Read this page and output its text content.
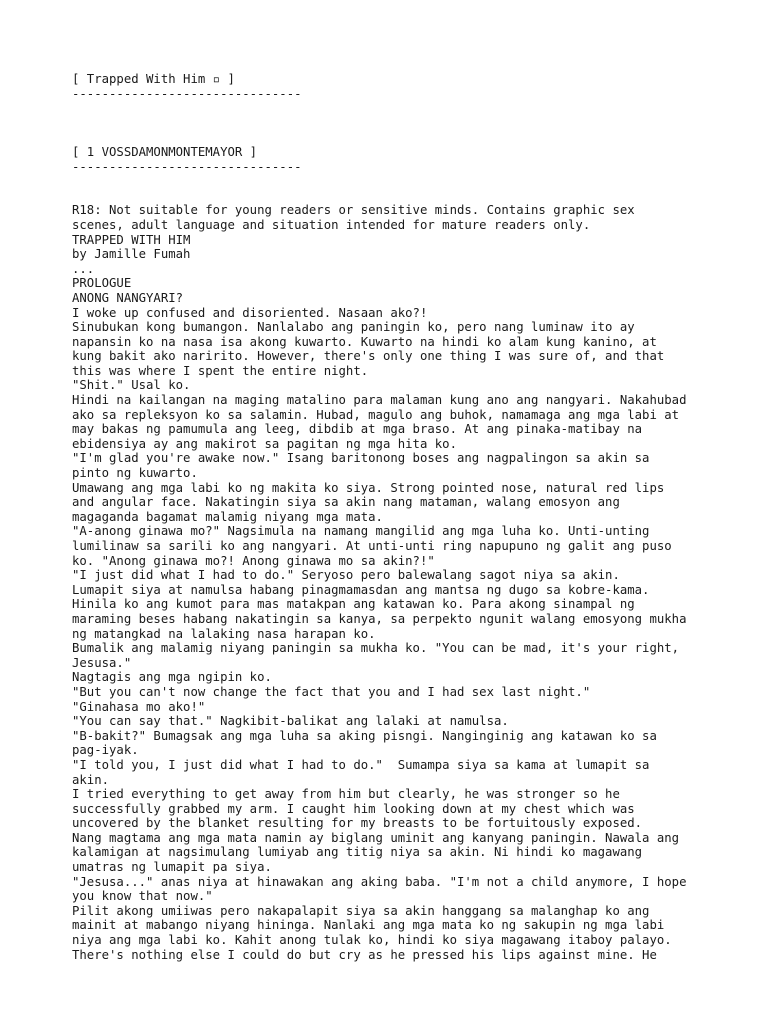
[ Trapped With Him ▫ ]
-------------------------------
[ 1 VOSSDAMONMONTEMAYOR ]
-------------------------------
R18: Not suitable for young readers or sensitive minds. Contains graphic sex
scenes, adult language and situation intended for mature readers only.
TRAPPED WITH HIM
by Jamille Fumah
...
PROLOGUE
ANONG NANGYARI?
I woke up confused and disoriented. Nasaan ako?!
Sinubukan kong bumangon. Nanlalabo ang paningin ko, pero nang luminaw ito ay
napansin ko na nasa isa akong kuwarto. Kuwarto na hindi ko alam kung kanino, at
kung bakit ako naririto. However, there's only one thing I was sure of, and that
this was where I spent the entire night.
"Shit." Usal ko.
Hindi na kailangan na maging matalino para malaman kung ano ang nangyari. Nakahubad
ako sa repleksyon ko sa salamin. Hubad, magulo ang buhok, namamaga ang mga labi at
may bakas ng pamumula ang leeg, dibdib at mga braso. At ang pinaka-matibay na
ebidensiya ay ang makirot sa pagitan ng mga hita ko.
"I'm glad you're awake now." Isang baritonong boses ang nagpalingon sa akin sa
pinto ng kuwarto.
Umawang ang mga labi ko ng makita ko siya. Strong pointed nose, natural red lips
and angular face. Nakatingin siya sa akin nang mataman, walang emosyon ang
magaganda bagamat malamig niyang mga mata.
"A-anong ginawa mo?" Nagsimula na namang mangilid ang mga luha ko. Unti-unting
lumilinaw sa sarili ko ang nangyari. At unti-unti ring napupuno ng galit ang puso
ko. "Anong ginawa mo?! Anong ginawa mo sa akin?!"
"I just did what I had to do." Seryoso pero balewalang sagot niya sa akin.
Lumapit siya at namulsa habang pinagmamasdan ang mantsa ng dugo sa kobre-kama.
Hinila ko ang kumot para mas matakpan ang katawan ko. Para akong sinampal ng
maraming beses habang nakatingin sa kanya, sa perpekto ngunit walang emosyong mukha
ng matangkad na lalaking nasa harapan ko.
Bumalik ang malamig niyang paningin sa mukha ko. "You can be mad, it's your right,
Jesusa."
Nagtagis ang mga ngipin ko.
"But you can't now change the fact that you and I had sex last night."
"Ginahasa mo ako!"
"You can say that." Nagkibit-balikat ang lalaki at namulsa.
"B-bakit?" Bumagsak ang mga luha sa aking pisngi. Nanginginig ang katawan ko sa
pag-iyak.
"I told you, I just did what I had to do."  Sumampa siya sa kama at lumapit sa
akin.
I tried everything to get away from him but clearly, he was stronger so he
successfully grabbed my arm. I caught him looking down at my chest which was
uncovered by the blanket resulting for my breasts to be fortuitously exposed.
Nang magtama ang mga mata namin ay biglang uminit ang kanyang paningin. Nawala ang
kalamigan at nagsimulang lumiyab ang titig niya sa akin. Ni hindi ko magawang
umatras ng lumapit pa siya.
"Jesusa..." anas niya at hinawakan ang aking baba. "I'm not a child anymore, I hope
you know that now."
Pilit akong umiiwas pero nakapalapit siya sa akin hanggang sa malanghap ko ang
mainit at mabango niyang hininga. Nanlaki ang mga mata ko ng sakupin ng mga labi
niya ang mga labi ko. Kahit anong tulak ko, hindi ko siya magawang itaboy palayo.
There's nothing else I could do but cry as he pressed his lips against mine. He
